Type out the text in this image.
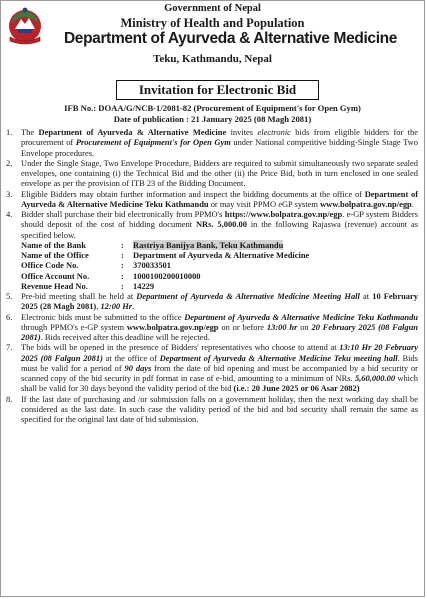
Government of Nepal
Ministry of Health and Population
Department of Ayurveda & Alternative Medicine
Teku, Kathmandu, Nepal
Invitation for Electronic Bid
IFB No.: DOAA/G/NCB-1/2081-82 (Procurement of Equipment's for Open Gym)
Date of publication : 21 January 2025 (08 Magh 2081)

1. The Department of Ayurveda & Alternative Medicine invites electronic bids from eligible bidders for the procurement of Procurement of Equipment's for Open Gym under National competitive bidding-Single Stage Two Envelope procedures.

2. Under the Single Stage, Two Envelope Procedure, Bidders are required to submit simultaneously two separate sealed envelopes, one containing (i) the Technical Bid and the other (ii) the Price Bid, both in turn enclosed in one sealed envelope as per the provision of ITB 23 of the Bidding Document.

3. Eligible Bidders may obtain further information and inspect the bidding documents at the office of Department of Ayurveda & Alternative Medicine Teku Kathmandu or may visit PPMO eGP system www.bolpatra.gov.np/egp.

4. Bidder shall purchase their bid electronically from PPMO's https://www.bolpatra.gov.np/egp. e-GP system Bidders should deposit of the cost of bidding document NRs. 5,000.00 in the following Rajaswa (revenue) account as specified below.

Name of the Bank	:	Rastriya Banijya Bank, Teku Kathmandu
Name of the Office	:	Department of Ayurveda & Alternative Medicine
Office Code No.	:	370033501
Office Account No.	:	1000100200010000
Revenue Head No.	:	14229

5. Pre-bid meeting shall be held at Department of Ayurveda & Alternative Medicine Meeting Hall at 10 February 2025 (28 Magh 2081), 12:00 Hr.

6. Electronic bids must be submitted to the office Department of Ayurveda & Alternative Medicine Teku Kathmandu through PPMO's e-GP system www.bolpatra.gov.np/egp on or before 13:00 hr on 20 February 2025 (08 Falgun 2081). Bids received after this deadline will be rejected.

7. The bids will be opened in the presence of Bidders' representatives who choose to attend at 13:10 Hr 20 February 2025 (08 Falgun 2081) at the office of Department of Ayurveda & Alternative Medicine Teku meeting hall. Bids must be valid for a period of 90 days from the date of bid opening and must be accompanied by a bid security or scanned copy of the bid security in pdf format in case of e-bid, amounting to a minimum of NRs. 5,60,000.00 which shall be valid for 30 days beyond the validity period of the bid (i.e.: 20 June 2025 or 06 Asar 2082)

8. If the last date of purchasing and /or submission falls on a government holiday, then the next working day shall be considered as the last date. In such case the validity period of the bid and bid security shall remain the same as specified for the original last date of bid submission.
